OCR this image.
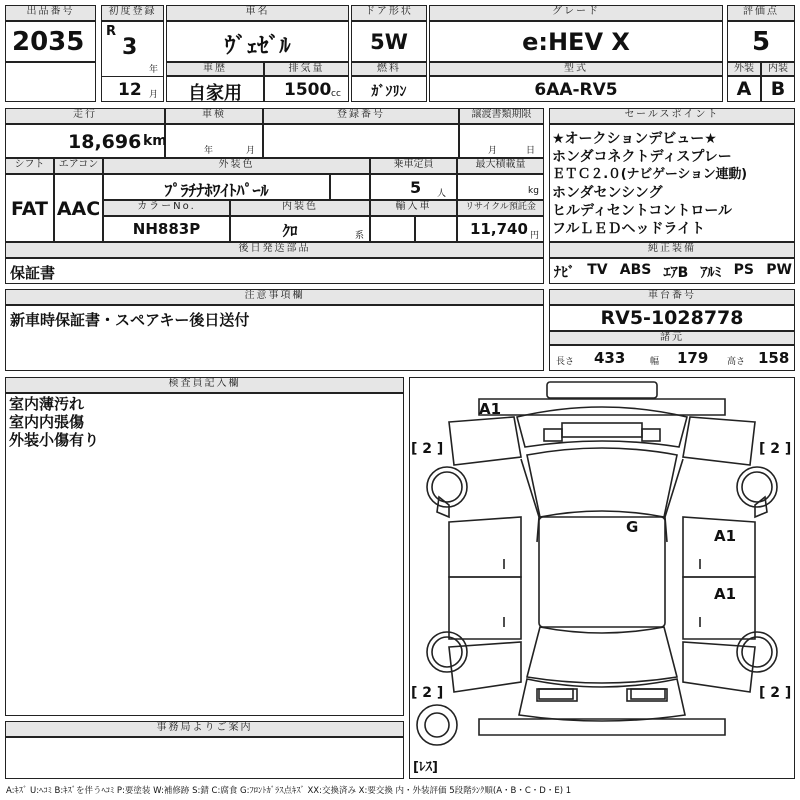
出品番号
2035
初度登録
R
3
年
12 月
車名
ｳﾞｪｾﾞﾙ
ドア形状
5W
グレード
e:HEV X
評価点
5
車歴
自家用
排気量
1500 cc
燃料
ｶﾞｿﾘﾝ
型式
6AA-RV5
外装	内装
A	B
走行
18,696 km
車検
年	月
登録番号	譲渡書類期限
月	日
セールスポイント
★オークションデビュー★
ホンダコネクトディスプレー
ＥＴＣ２.０(ナビゲーション連動)
ホンダセンシング
ヒルディセントコントロール
フルＬＥＤヘッドライト
シフト	エアコン
FAT AAC
外装色
ﾌﾟﾗﾁﾅﾎﾜｲﾄﾊﾟｰﾙ
乗車定員
5 人
最大積載量
kg
カラーNo.
NH883P
内装色
ｸﾛ	系
輸入車	リサイクル預託金
11,740 円
後日発送部品
保証書
純正装備
ﾅﾋﾞ TV ABS ｴｱB ｱﾙﾐ PS PW
注意事項欄
新車時保証書・スペアキー後日送付
車台番号
RV5-1028778
諸元
長さ 433	幅 179 高さ 158
検査員記入欄
室内薄汚れ
室内内張傷
外装小傷有り
事務局よりご案内
A1
G	A1
A1
[ 2 ]	[ 2 ]
[ 2 ]	[ 2 ]
[ﾚｽ]
A:ｷｽﾞ U:ﾍｺﾐ B:ｷｽﾞを伴うﾍｺﾐ P:要塗装 W:補修跡 S:錆 C:腐食 G:ﾌﾛﾝﾄｶﾞﾗｽ点ｷｽﾞ XX:交換済み X:要交換 内・外装評価 5段階ﾗﾝｸ順(A・B・C・D・E) 1
